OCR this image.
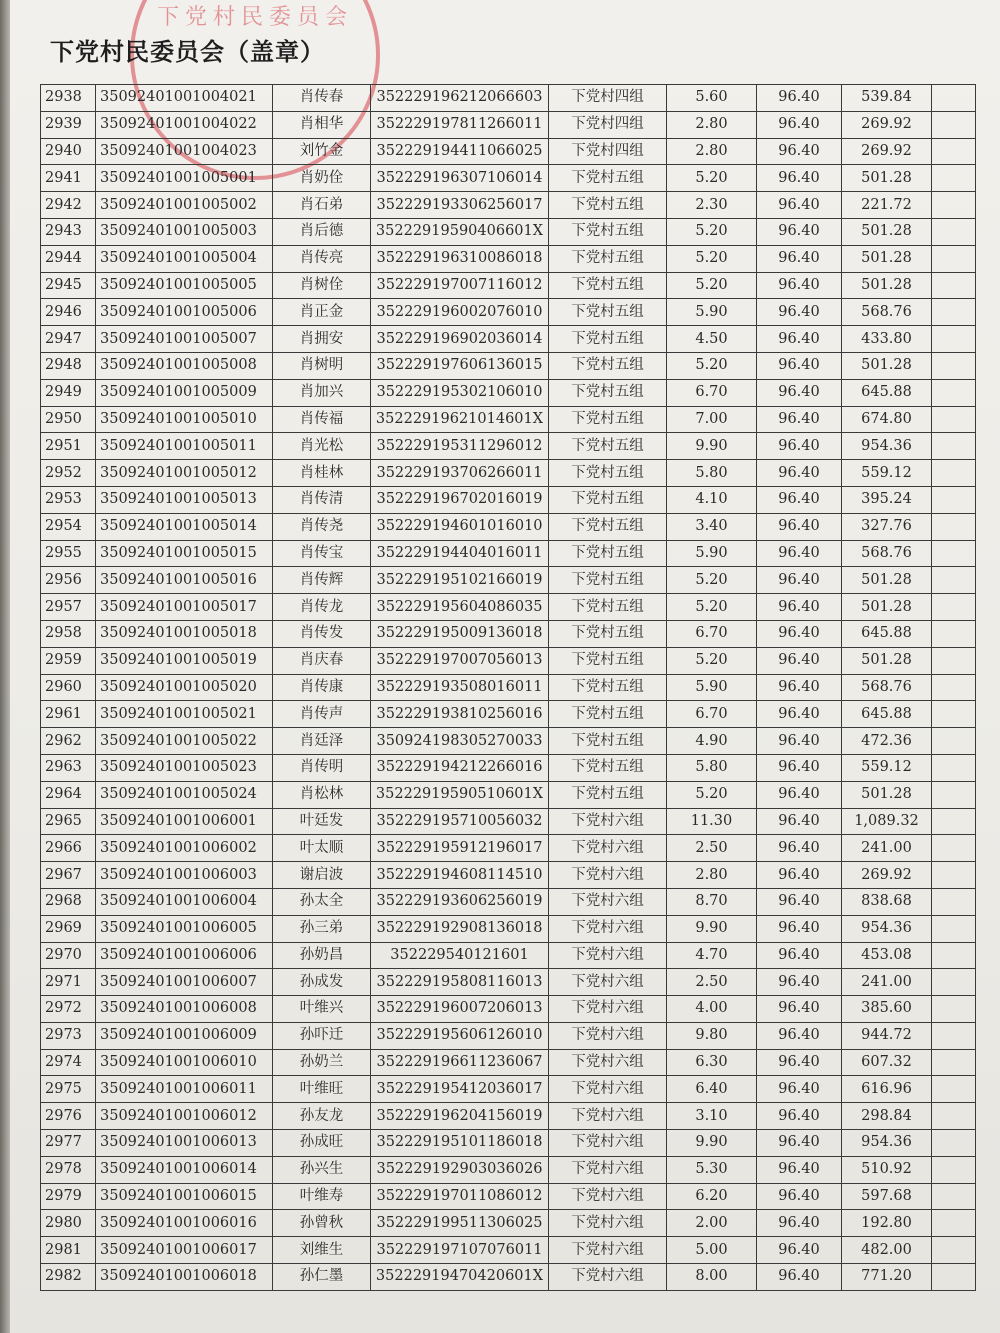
下党村民委员会
下党村民委员会（盖章）
2938	35092401001004021	肖传春	352229196212066603	下党村四组	5.60	96.40	539.84	
2939	35092401001004022	肖相华	352229197811266011	下党村四组	2.80	96.40	269.92	
2940	35092401001004023	刘竹金	352229194411066025	下党村四组	2.80	96.40	269.92	
2941	35092401001005001	肖奶佺	352229196307106014	下党村五组	5.20	96.40	501.28	
2942	35092401001005002	肖石弟	352229193306256017	下党村五组	2.30	96.40	221.72	
2943	35092401001005003	肖后德	35222919590406601X	下党村五组	5.20	96.40	501.28	
2944	35092401001005004	肖传亮	352229196310086018	下党村五组	5.20	96.40	501.28	
2945	35092401001005005	肖树佺	352229197007116012	下党村五组	5.20	96.40	501.28	
2946	35092401001005006	肖正金	352229196002076010	下党村五组	5.90	96.40	568.76	
2947	35092401001005007	肖拥安	352229196902036014	下党村五组	4.50	96.40	433.80	
2948	35092401001005008	肖树明	352229197606136015	下党村五组	5.20	96.40	501.28	
2949	35092401001005009	肖加兴	352229195302106010	下党村五组	6.70	96.40	645.88	
2950	35092401001005010	肖传福	35222919621014601X	下党村五组	7.00	96.40	674.80	
2951	35092401001005011	肖光松	352229195311296012	下党村五组	9.90	96.40	954.36	
2952	35092401001005012	肖桂林	352229193706266011	下党村五组	5.80	96.40	559.12	
2953	35092401001005013	肖传清	352229196702016019	下党村五组	4.10	96.40	395.24	
2954	35092401001005014	肖传尧	352229194601016010	下党村五组	3.40	96.40	327.76	
2955	35092401001005015	肖传宝	352229194404016011	下党村五组	5.90	96.40	568.76	
2956	35092401001005016	肖传辉	352229195102166019	下党村五组	5.20	96.40	501.28	
2957	35092401001005017	肖传龙	352229195604086035	下党村五组	5.20	96.40	501.28	
2958	35092401001005018	肖传发	352229195009136018	下党村五组	6.70	96.40	645.88	
2959	35092401001005019	肖庆春	352229197007056013	下党村五组	5.20	96.40	501.28	
2960	35092401001005020	肖传康	352229193508016011	下党村五组	5.90	96.40	568.76	
2961	35092401001005021	肖传声	352229193810256016	下党村五组	6.70	96.40	645.88	
2962	35092401001005022	肖廷泽	350924198305270033	下党村五组	4.90	96.40	472.36	
2963	35092401001005023	肖传明	352229194212266016	下党村五组	5.80	96.40	559.12	
2964	35092401001005024	肖松林	35222919590510601X	下党村五组	5.20	96.40	501.28	
2965	35092401001006001	叶廷发	352229195710056032	下党村六组	11.30	96.40	1,089.32	
2966	35092401001006002	叶太顺	352229195912196017	下党村六组	2.50	96.40	241.00	
2967	35092401001006003	谢启波	352229194608114510	下党村六组	2.80	96.40	269.92	
2968	35092401001006004	孙太全	352229193606256019	下党村六组	8.70	96.40	838.68	
2969	35092401001006005	孙三弟	352229192908136018	下党村六组	9.90	96.40	954.36	
2970	35092401001006006	孙奶昌	352229540121601	下党村六组	4.70	96.40	453.08	
2971	35092401001006007	孙成发	352229195808116013	下党村六组	2.50	96.40	241.00	
2972	35092401001006008	叶维兴	352229196007206013	下党村六组	4.00	96.40	385.60	
2973	35092401001006009	孙吓迁	352229195606126010	下党村六组	9.80	96.40	944.72	
2974	35092401001006010	孙奶兰	352229196611236067	下党村六组	6.30	96.40	607.32	
2975	35092401001006011	叶维旺	352229195412036017	下党村六组	6.40	96.40	616.96	
2976	35092401001006012	孙友龙	352229196204156019	下党村六组	3.10	96.40	298.84	
2977	35092401001006013	孙成旺	352229195101186018	下党村六组	9.90	96.40	954.36	
2978	35092401001006014	孙兴生	352229192903036026	下党村六组	5.30	96.40	510.92	
2979	35092401001006015	叶维寿	352229197011086012	下党村六组	6.20	96.40	597.68	
2980	35092401001006016	孙曾秋	352229199511306025	下党村六组	2.00	96.40	192.80	
2981	35092401001006017	刘维生	352229197107076011	下党村六组	5.00	96.40	482.00	
2982	35092401001006018	孙仁墨	35222919470420601X	下党村六组	8.00	96.40	771.20	
